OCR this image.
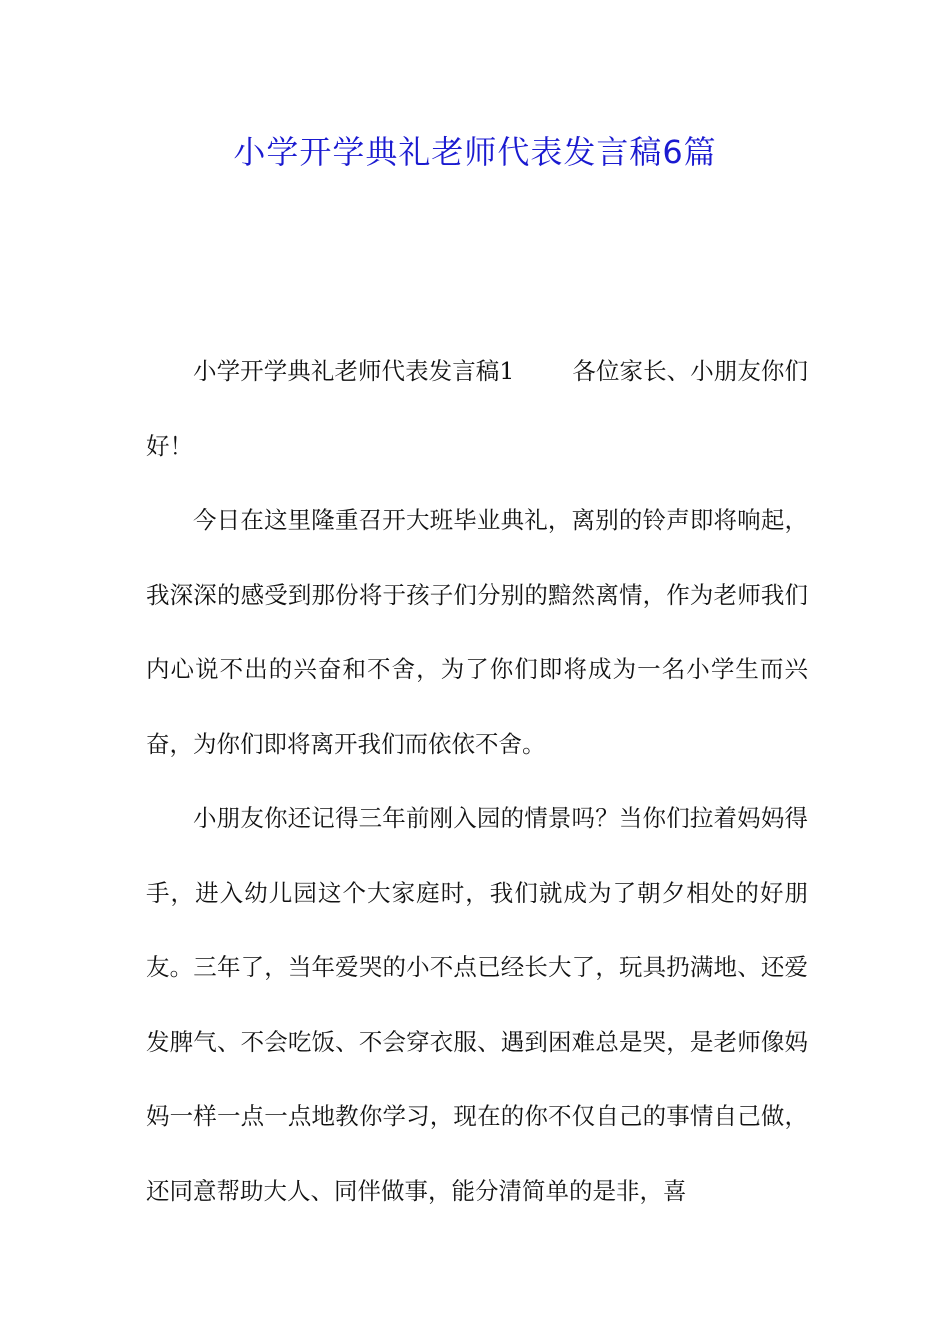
小学开学典礼老师代表发言稿6篇

小学开学典礼老师代表发言稿1 各位家长、小朋友你们好！

今日在这里隆重召开大班毕业典礼，离别的铃声即将响起，我深深的感受到那份将于孩子们分别的黯然离情，作为老师我们内心说不出的兴奋和不舍，为了你们即将成为一名小学生而兴奋，为你们即将离开我们而依依不舍。

小朋友你还记得三年前刚入园的情景吗？当你们拉着妈妈得手，进入幼儿园这个大家庭时，我们就成为了朝夕相处的好朋友。三年了，当年爱哭的小不点已经长大了，玩具扔满地、还爱发脾气、不会吃饭、不会穿衣服、遇到困难总是哭，是老师像妈妈一样一点一点地教你学习，现在的你不仅自己的事情自己做，还同意帮助大人、同伴做事，能分清简单的是非，喜
